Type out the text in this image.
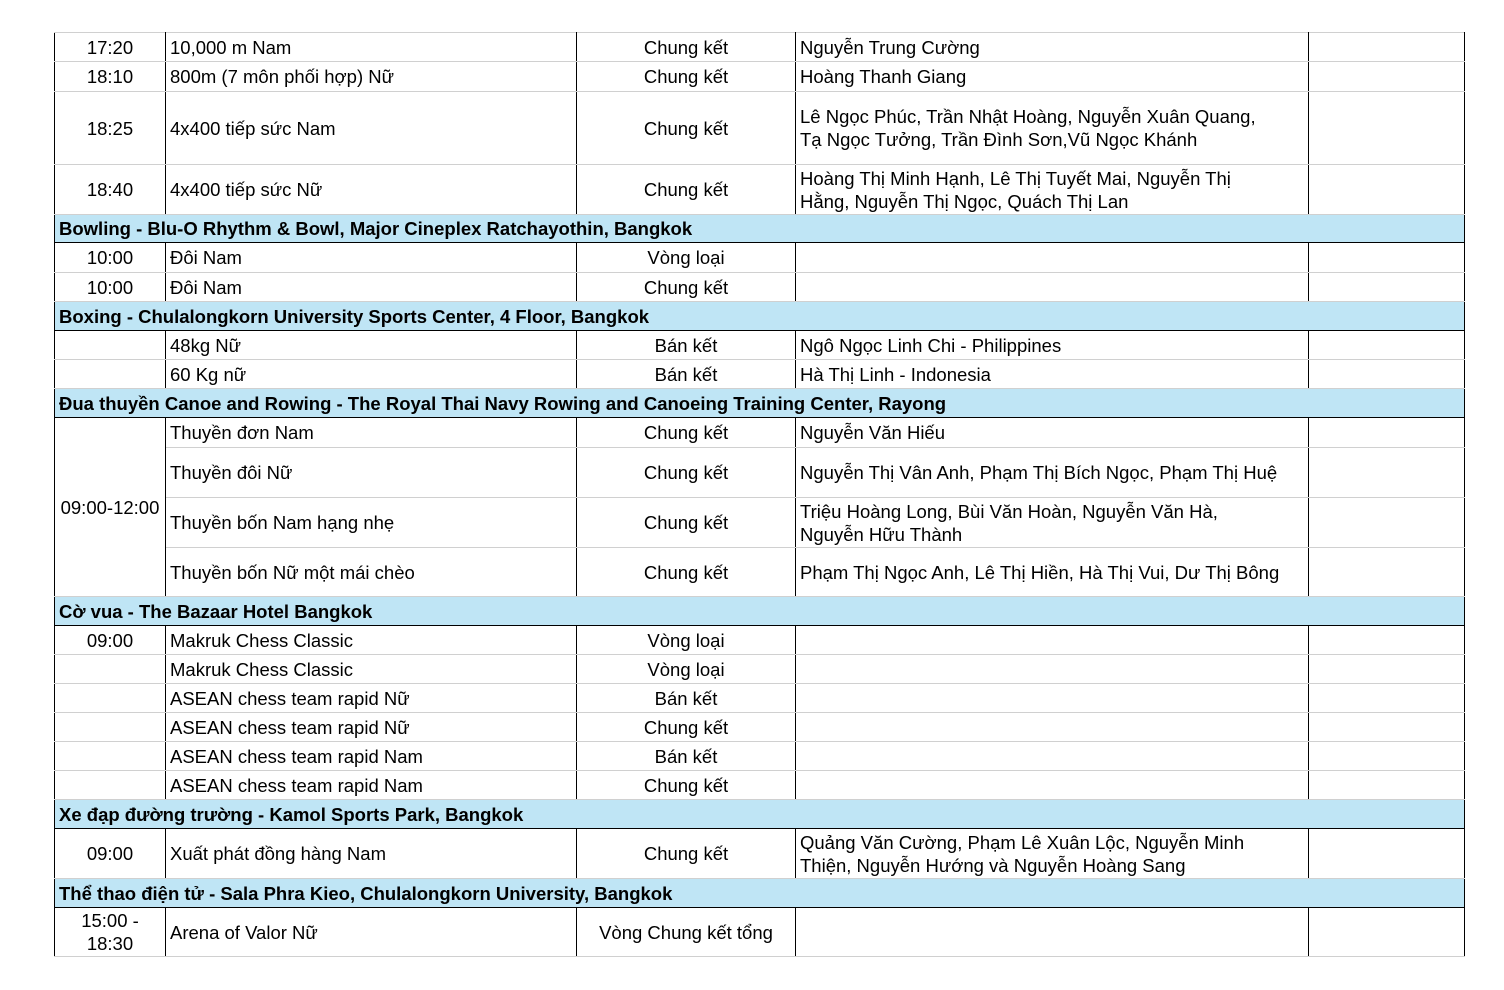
17:20	10,000 m Nam	Chung kết	Nguyễn Trung Cường	
18:10	800m (7 môn phối hợp) Nữ	Chung kết	Hoàng Thanh Giang	
18:25	4x400 tiếp sức Nam	Chung kết	Lê Ngọc Phúc, Trần Nhật Hoàng, Nguyễn Xuân Quang,
Tạ Ngọc Tưởng, Trần Đình Sơn,Vũ Ngọc Khánh	

18:40	4x400 tiếp sức Nữ	Chung kết	Hoàng Thị Minh Hạnh, Lê Thị Tuyết Mai, Nguyễn Thị
Hằng, Nguyễn Thị Ngọc, Quách Thị Lan	

Bowling - Blu-O Rhythm & Bowl, Major Cineplex Ratchayothin, Bangkok				
10:00	Đôi Nam	Vòng loại		
10:00	Đôi Nam	Chung kết		
Boxing - Chulalongkorn University Sports Center, 4 Floor, Bangkok				
	48kg Nữ	Bán kết	Ngô Ngọc Linh Chi - Philippines	
	60 Kg nữ	Bán kết	Hà Thị Linh - Indonesia	
Đua thuyền Canoe and Rowing - The Royal Thai Navy Rowing and Canoeing Training Center, Rayong				
09:00-12:00	Thuyền đơn Nam	Chung kết	Nguyễn Văn Hiếu	
	Thuyền đôi Nữ	Chung kết	Nguyễn Thị Vân Anh, Phạm Thị Bích Ngọc, Phạm Thị Huệ	
	Thuyền bốn Nam hạng nhẹ	Chung kết	Triệu Hoàng Long, Bùi Văn Hoàn, Nguyễn Văn Hà,
Nguyễn Hữu Thành	

	Thuyền bốn Nữ một mái chèo	Chung kết	Phạm Thị Ngọc Anh, Lê Thị Hiền, Hà Thị Vui, Dư Thị Bông	
Cờ vua - The Bazaar Hotel Bangkok				
09:00	Makruk Chess Classic	Vòng loại		
	Makruk Chess Classic	Vòng loại		
	ASEAN chess team rapid Nữ	Bán kết		
	ASEAN chess team rapid Nữ	Chung kết		
	ASEAN chess team rapid Nam	Bán kết		
	ASEAN chess team rapid Nam	Chung kết		
Xe đạp đường trường - Kamol Sports Park, Bangkok				
09:00	Xuất phát đồng hàng Nam	Chung kết	Quảng Văn Cường, Phạm Lê Xuân Lộc, Nguyễn Minh
Thiện, Nguyễn Hướng và Nguyễn Hoàng Sang	

Thể thao điện tử - Sala Phra Kieo, Chulalongkorn University, Bangkok				

15:00 -
18:30	Arena of Valor Nữ	Vòng Chung kết tổng		
